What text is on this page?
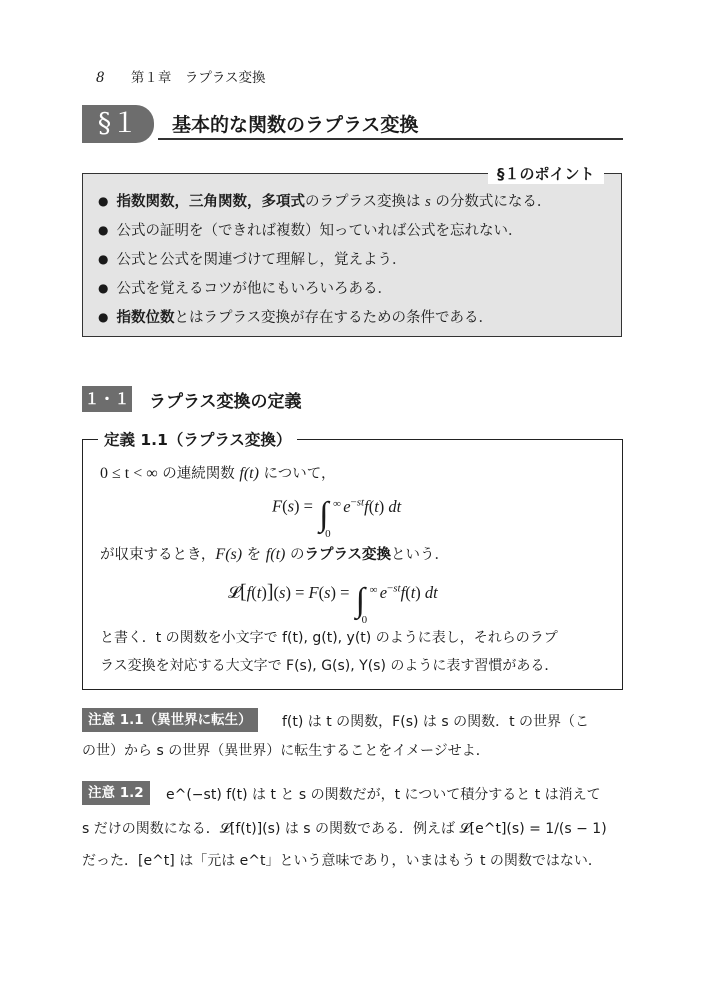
8 第１章　ラプラス変換
§１	基本的な関数のラプラス変換
§１のポイント
● 指数関数，三角関数，多項式のラプラス変換は s の分数式になる．
● 公式の証明を（できれば複数）知っていれば公式を忘れない．
● 公式と公式を関連づけて理解し，覚えよう．
● 公式を覚えるコツが他にもいろいろある．
● 指数位数とはラプラス変換が存在するための条件である．
１・１ ラプラス変換の定義
定義 1.1（ラプラス変換）
0 ≤ t < ∞ の連続関数 f(t) について，
F(s) = ∫ ∞
0
$e^{-st}f(t)$ dt
が収束するとき，F(s) を f(t) のラプラス変換という．
𝓛[f(t)](s) = F(s) = ∫ ∞
0
$e^{-st}f(t)$ dt
と書く．t の関数を小文字で f(t), g(t), y(t) のように表し，それらのラプ
ラス変換を対応する大文字で F(s), G(s), Y(s) のように表す習慣がある．
注意 1.1（異世界に転生）	f(t) は t の関数，F(s) は s の関数．t の世界（こ
の世）から s の世界（異世界）に転生することをイメージせよ．
注意 1.2	e^(−st) f(t) は t と s の関数だが，t について積分すると t は消えて
s だけの関数になる．𝓛[f(t)](s) は s の関数である．例えば 𝓛[e^t](s) = 1/(s − 1)
だった．[e^t] は「元は e^t」という意味であり，いまはもう t の関数ではない．
